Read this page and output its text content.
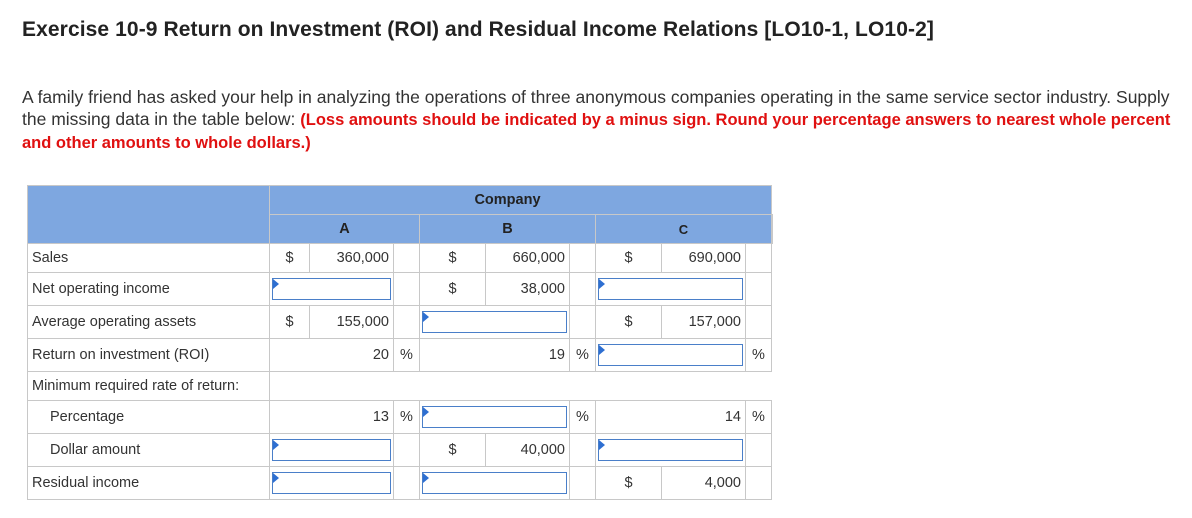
Exercise 10-9 Return on Investment (ROI) and Residual Income Relations [LO10-1, LO10-2]
A family friend has asked your help in analyzing the operations of three anonymous companies operating in the same service sector industry. Supply the missing data in the table below: (Loss amounts should be indicated by a minus sign. Round your percentage answers to nearest whole percent and other amounts to whole dollars.)
				Company						
	A			B			C			
Sales	$	360,000		$	660,000		$	690,000		
Net operating income				$	38,000		

Average operating assets	$	155,000					$	157,000		
Return on investment (ROI)	20		%	19		%			%	
Minimum required rate of return:										
Percentage	13		%			%	14		%	
Dollar amount				$	40,000		

Residual income							$	4,000		
